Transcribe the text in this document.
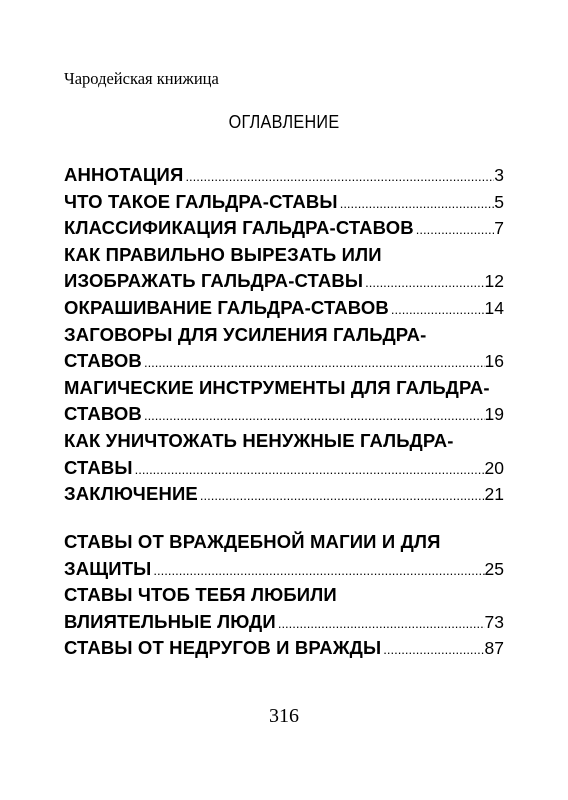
Чародейская книжица
ОГЛАВЛЕНИЕ
АННОТАЦИЯ .....	3
ЧТО ТАКОЕ ГАЛЬДРА-СТАВЫ .....	5
КЛАССИФИКАЦИЯ ГАЛЬДРА-СТАВОВ .....	7
КАК ПРАВИЛЬНО ВЫРЕЗАТЬ ИЛИ
ИЗОБРАЖАТЬ ГАЛЬДРА-СТАВЫ .....	12
ОКРАШИВАНИЕ ГАЛЬДРА-СТАВОВ .....	14
ЗАГОВОРЫ ДЛЯ УСИЛЕНИЯ ГАЛЬДРА-
СТАВОВ .....	16
МАГИЧЕСКИЕ ИНСТРУМЕНТЫ ДЛЯ ГАЛЬДРА-
СТАВОВ .....	19
КАК УНИЧТОЖАТЬ НЕНУЖНЫЕ ГАЛЬДРА-
СТАВЫ .....	20
ЗАКЛЮЧЕНИЕ .....	21
СТАВЫ ОТ ВРАЖДЕБНОЙ МАГИИ И ДЛЯ
ЗАЩИТЫ .....	25
СТАВЫ ЧТОБ ТЕБЯ ЛЮБИЛИ
ВЛИЯТЕЛЬНЫЕ ЛЮДИ .....	73
СТАВЫ ОТ НЕДРУГОВ И ВРАЖДЫ .....	87
316
